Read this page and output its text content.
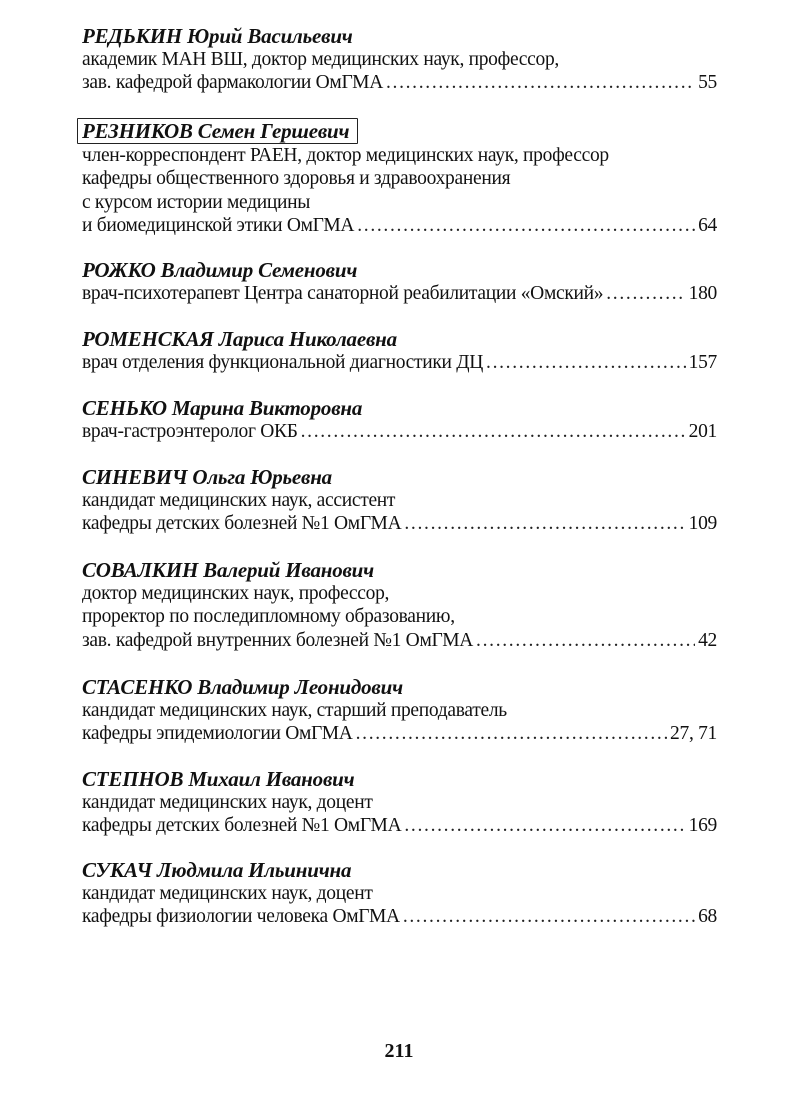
РЕДЬКИН Юрий Васильевич
академик МАН ВШ, доктор медицинских наук, профессор,
зав. кафедрой фармакологии ОмГМА . . .	55
РЕЗНИКОВ Семен Гершевич
член-корреспондент РАЕН, доктор медицинских наук, профессор
кафедры общественного здоровья и здравоохранения
с курсом истории медицины
и биомедицинской этики ОмГМА . . .	64
РОЖКО Владимир Семенович
врач-психотерапевт Центра санаторной реабилитации «Омский» . . .	180
РОМЕНСКАЯ Лариса Николаевна
врач отделения функциональной диагностики ДЦ . . .	157
СЕНЬКО Марина Викторовна
врач-гастроэнтеролог ОКБ . . .	201
СИНЕВИЧ Ольга Юрьевна
кандидат медицинских наук, ассистент
кафедры детских болезней №1 ОмГМА . . .	109
СОВАЛКИН Валерий Иванович
доктор медицинских наук, профессор,
проректор по последипломному образованию,
зав. кафедрой внутренних болезней №1 ОмГМА . . .	42
СТАСЕНКО Владимир Леонидович
кандидат медицинских наук, старший преподаватель
кафедры эпидемиологии ОмГМА . . .	27, 71
СТЕПНОВ Михаил Иванович
кандидат медицинских наук, доцент
кафедры детских болезней №1 ОмГМА . . .	169
СУКАЧ Людмила Ильинична
кандидат медицинских наук, доцент
кафедры физиологии человека ОмГМА . . .	68
211
